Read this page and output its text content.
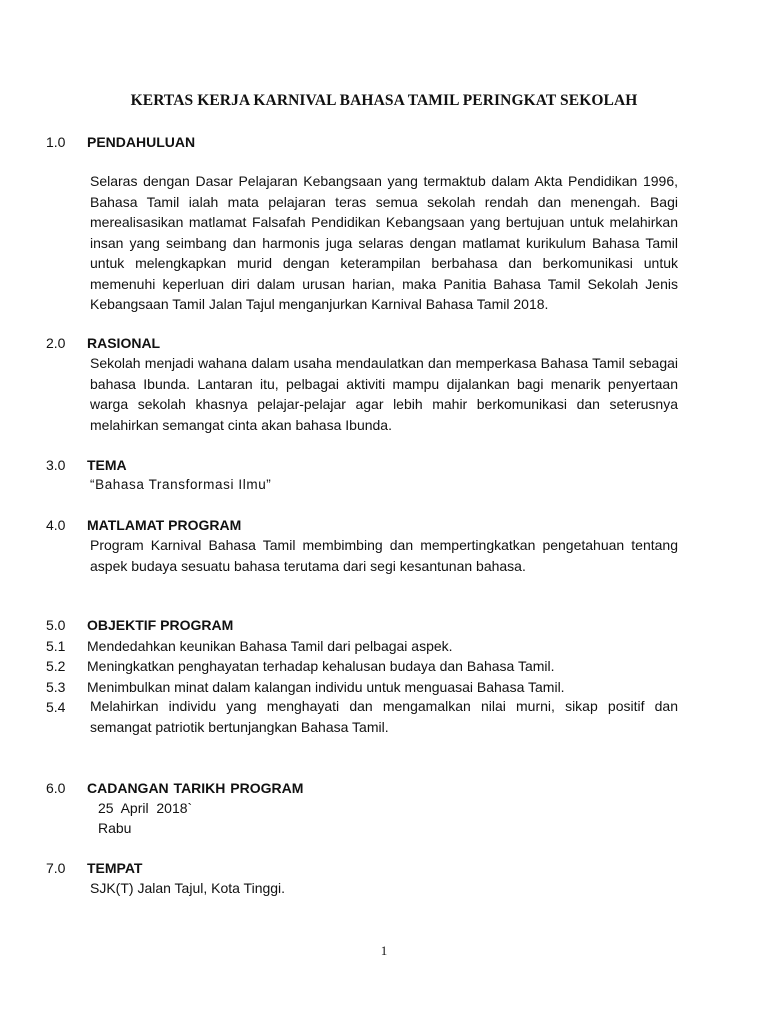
KERTAS KERJA KARNIVAL BAHASA TAMIL PERINGKAT SEKOLAH
1.0 PENDAHULUAN
Selaras dengan Dasar Pelajaran Kebangsaan yang termaktub dalam Akta Pendidikan 1996, Bahasa Tamil ialah mata pelajaran teras semua sekolah rendah dan menengah. Bagi merealisasikan matlamat Falsafah Pendidikan Kebangsaan yang bertujuan untuk melahirkan insan yang seimbang dan harmonis juga selaras dengan matlamat kurikulum Bahasa Tamil untuk melengkapkan murid dengan keterampilan berbahasa dan berkomunikasi untuk memenuhi keperluan diri dalam urusan harian, maka Panitia Bahasa Tamil Sekolah Jenis Kebangsaan Tamil Jalan Tajul menganjurkan Karnival Bahasa Tamil 2018.
2.0 RASIONAL
Sekolah menjadi wahana dalam usaha mendaulatkan dan memperkasa Bahasa Tamil sebagai bahasa Ibunda. Lantaran itu, pelbagai aktiviti mampu dijalankan bagi menarik penyertaan warga sekolah khasnya pelajar-pelajar agar lebih mahir berkomunikasi dan seterusnya melahirkan semangat cinta akan bahasa Ibunda.
3.0 TEMA
“Bahasa Transformasi Ilmu”
4.0 MATLAMAT PROGRAM
Program Karnival Bahasa Tamil membimbing dan mempertingkatkan pengetahuan tentang aspek budaya sesuatu bahasa terutama dari segi kesantunan bahasa.
5.0 OBJEKTIF PROGRAM
5.1 Mendedahkan keunikan Bahasa Tamil dari pelbagai aspek.
5.2 Meningkatkan penghayatan terhadap kehalusan budaya dan Bahasa Tamil.
5.3 Menimbulkan minat dalam kalangan individu untuk menguasai Bahasa Tamil.
5.4 Melahirkan individu yang menghayati dan mengamalkan nilai murni, sikap positif dan semangat patriotik bertunjangkan Bahasa Tamil.
6.0 CADANGAN TARIKH PROGRAM
25  April  2018`
Rabu
7.0 TEMPAT
SJK(T) Jalan Tajul, Kota Tinggi.
1
